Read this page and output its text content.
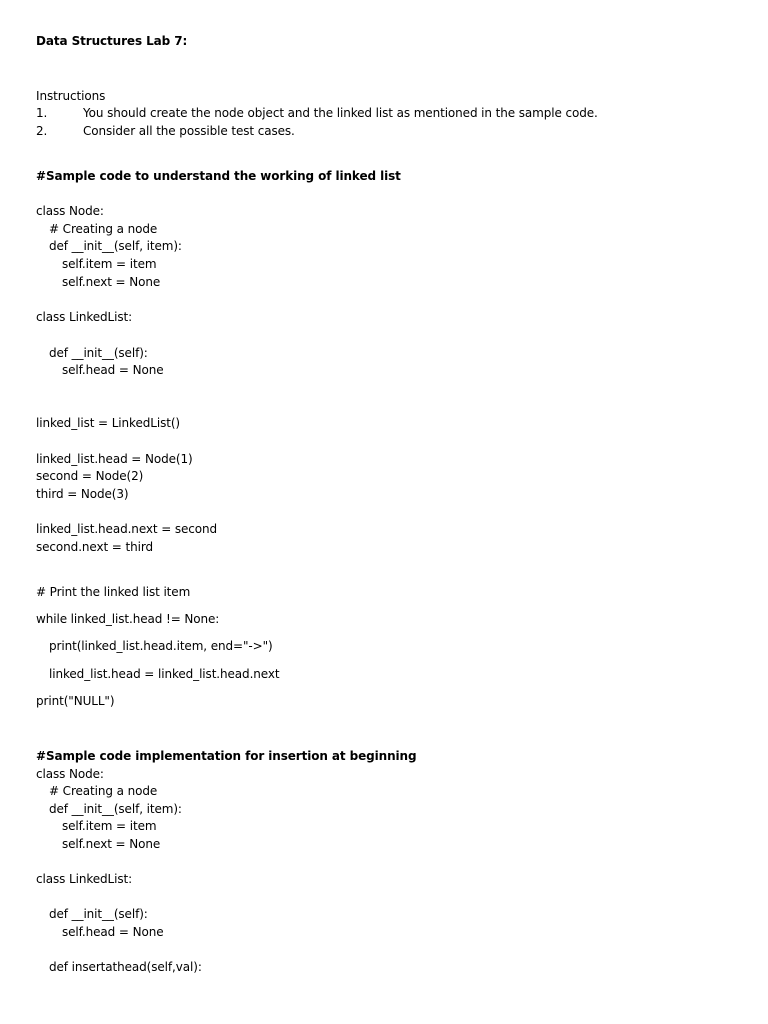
Data Structures Lab 7:
Instructions
1.	You should create the node object and the linked list as mentioned in the sample code.
2.	Consider all the possible test cases.
#Sample code to understand the working of linked list
class Node:
# Creating a node
def __init__(self, item):
self.item = item
self.next = None
class LinkedList:
def __init__(self):
self.head = None
linked_list = LinkedList()
linked_list.head = Node(1)
second = Node(2)
third = Node(3)
linked_list.head.next = second
second.next = third
# Print the linked list item
while linked_list.head != None:
print(linked_list.head.item, end="->")
linked_list.head = linked_list.head.next
print("NULL")
#Sample code implementation for insertion at beginning
class Node:
# Creating a node
def __init__(self, item):
self.item = item
self.next = None
class LinkedList:
def __init__(self):
self.head = None
def insertathead(self,val):
